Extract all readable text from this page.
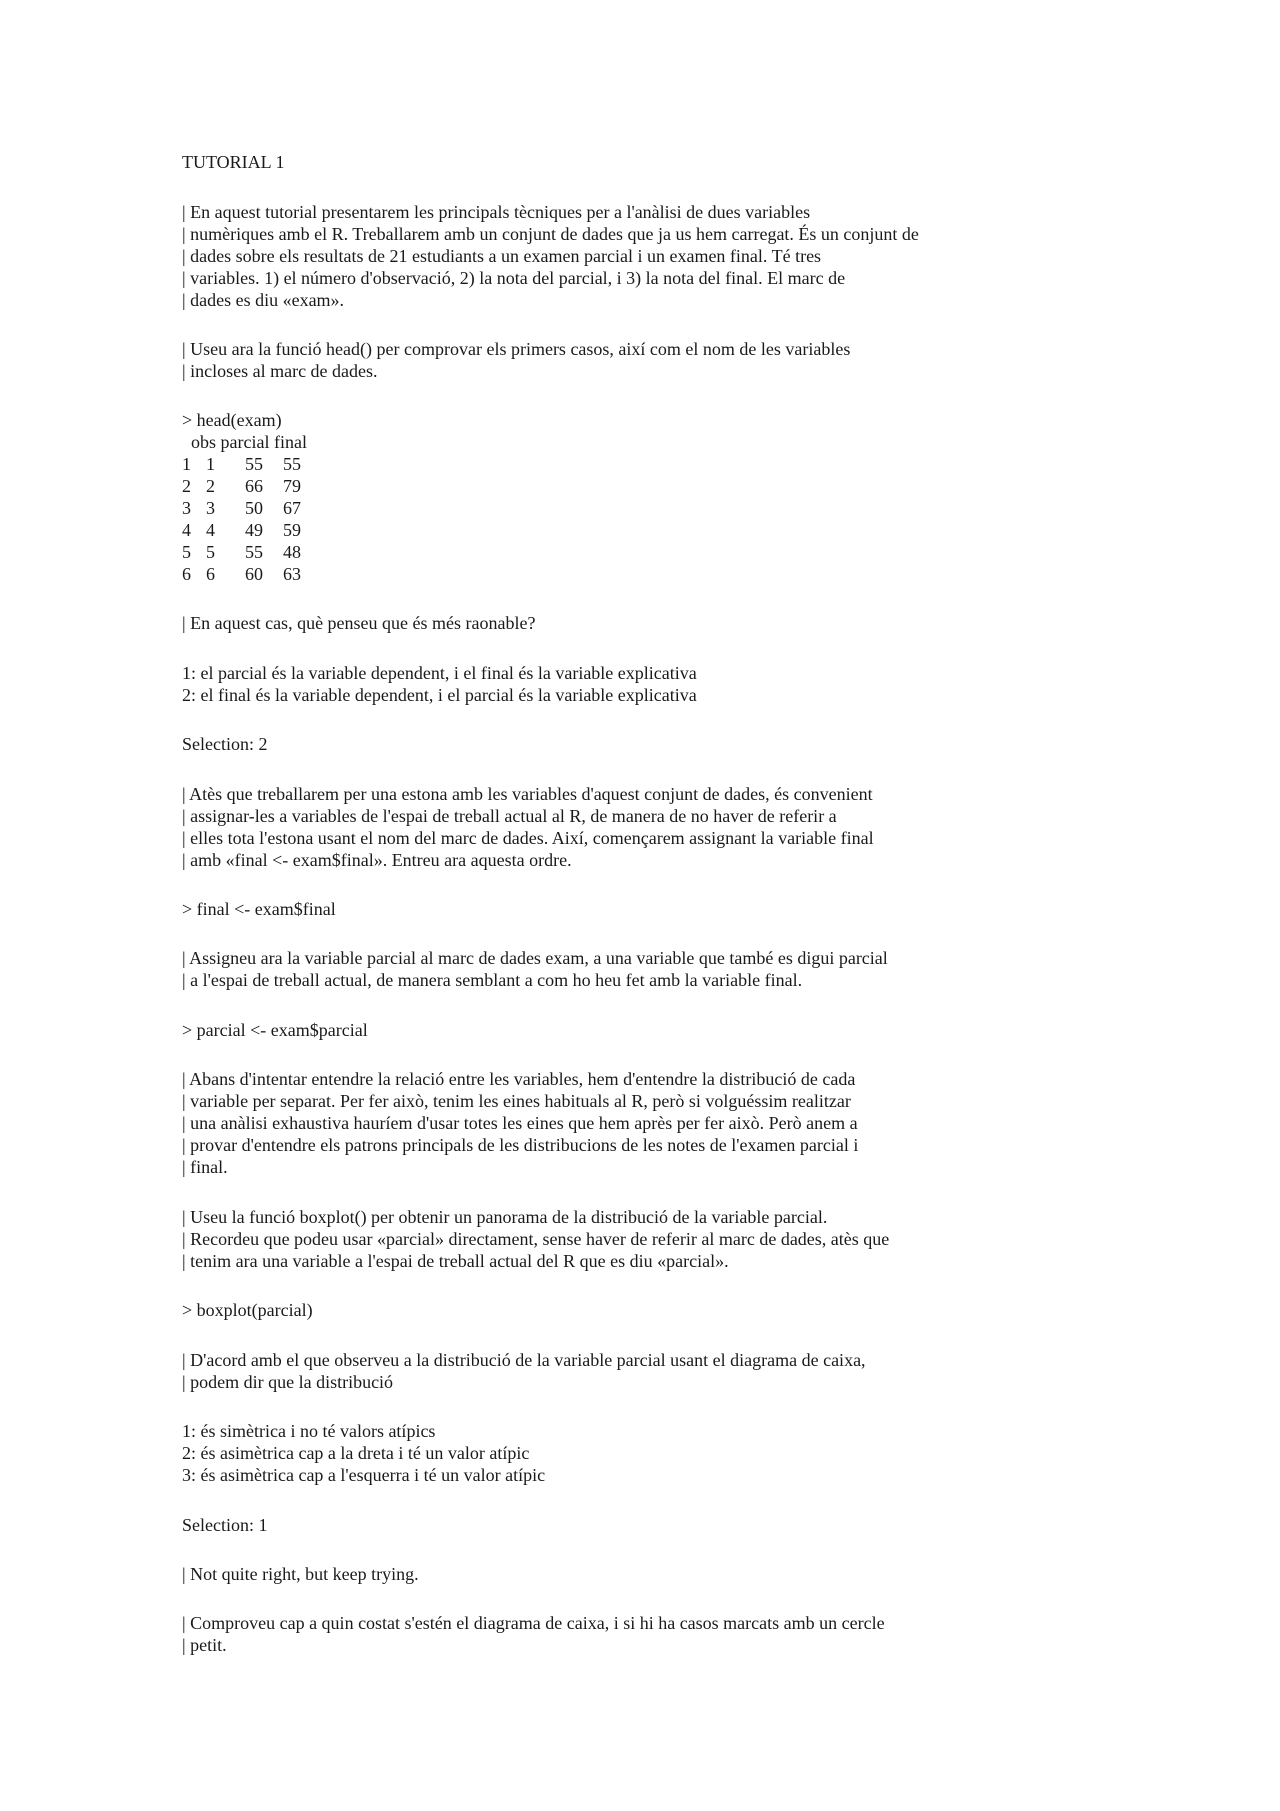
TUTORIAL 1
| En aquest tutorial presentarem les principals tècniques per a l'anàlisi de dues variables
| numèriques amb el R. Treballarem amb un conjunt de dades que ja us hem carregat. És un conjunt de
| dades sobre els resultats de 21 estudiants a un examen parcial i un examen final. Té tres
| variables. 1) el número d'observació, 2) la nota del parcial, i 3) la nota del final. El marc de
| dades es diu «exam».
| Useu ara la funció head() per comprovar els primers casos, així com el nom de les variables
| incloses al marc de dades.
> head(exam)
obs parcial final
1 1 55 55
2 2 66 79
3 3 50 67
4 4 49 59
5 5 55 48
6 6 60 63
| En aquest cas, què penseu que és més raonable?
1: el parcial és la variable dependent, i el final és la variable explicativa
2: el final és la variable dependent, i el parcial és la variable explicativa
Selection: 2
| Atès que treballarem per una estona amb les variables d'aquest conjunt de dades, és convenient
| assignar-les a variables de l'espai de treball actual al R, de manera de no haver de referir a
| elles tota l'estona usant el nom del marc de dades. Així, començarem assignant la variable final
| amb «final <- exam$final». Entreu ara aquesta ordre.
> final <- exam$final
| Assigneu ara la variable parcial al marc de dades exam, a una variable que també es digui parcial
| a l'espai de treball actual, de manera semblant a com ho heu fet amb la variable final.
> parcial <- exam$parcial
| Abans d'intentar entendre la relació entre les variables, hem d'entendre la distribució de cada
| variable per separat. Per fer això, tenim les eines habituals al R, però si volguéssim realitzar
| una anàlisi exhaustiva hauríem d'usar totes les eines que hem après per fer això. Però anem a
| provar d'entendre els patrons principals de les distribucions de les notes de l'examen parcial i
| final.
| Useu la funció boxplot() per obtenir un panorama de la distribució de la variable parcial.
| Recordeu que podeu usar «parcial» directament, sense haver de referir al marc de dades, atès que
| tenim ara una variable a l'espai de treball actual del R que es diu «parcial».
> boxplot(parcial)
| D'acord amb el que observeu a la distribució de la variable parcial usant el diagrama de caixa,
| podem dir que la distribució
1: és simètrica i no té valors atípics
2: és asimètrica cap a la dreta i té un valor atípic
3: és asimètrica cap a l'esquerra i té un valor atípic
Selection: 1
| Not quite right, but keep trying.
| Comproveu cap a quin costat s'estén el diagrama de caixa, i si hi ha casos marcats amb un cercle
| petit.
